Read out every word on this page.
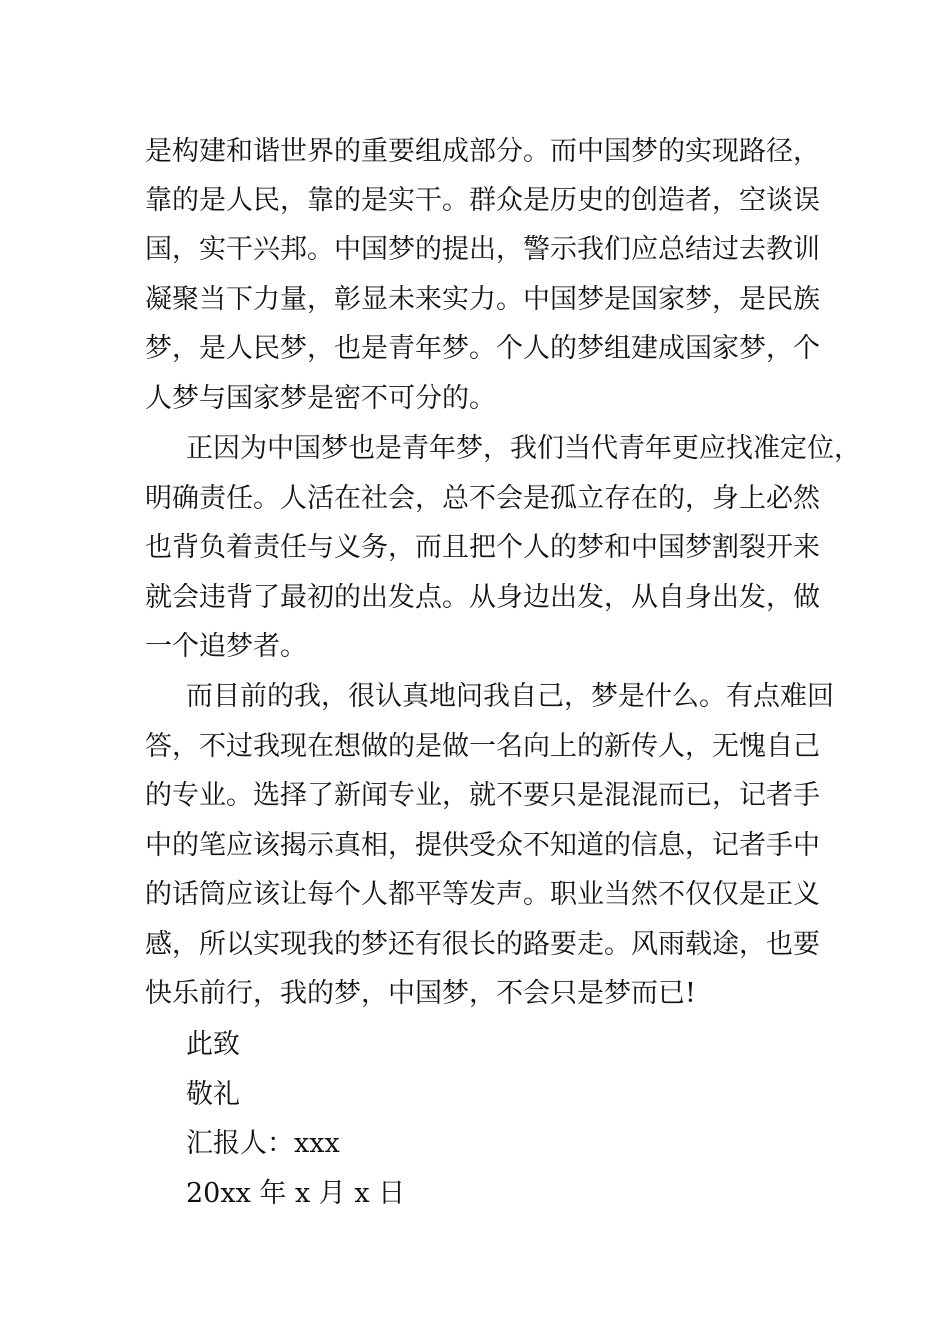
是构建和谐世界的重要组成部分。而中国梦的实现路径，
靠的是人民，靠的是实干。群众是历史的创造者，空谈误
国，实干兴邦。中国梦的提出，警示我们应总结过去教训
凝聚当下力量，彰显未来实力。中国梦是国家梦，是民族
梦，是人民梦，也是青年梦。个人的梦组建成国家梦，个
人梦与国家梦是密不可分的。
正因为中国梦也是青年梦，我们当代青年更应找准定位，
明确责任。人活在社会，总不会是孤立存在的，身上必然
也背负着责任与义务，而且把个人的梦和中国梦割裂开来
就会违背了最初的出发点。从身边出发，从自身出发，做
一个追梦者。
而目前的我，很认真地问我自己，梦是什么。有点难回
答，不过我现在想做的是做一名向上的新传人，无愧自己
的专业。选择了新闻专业，就不要只是混混而已，记者手
中的笔应该揭示真相，提供受众不知道的信息，记者手中
的话筒应该让每个人都平等发声。职业当然不仅仅是正义
感，所以实现我的梦还有很长的路要走。风雨载途，也要
快乐前行，我的梦，中国梦，不会只是梦而已!
此致
敬礼
汇报人：xxx
20xx 年 x 月 x 日
